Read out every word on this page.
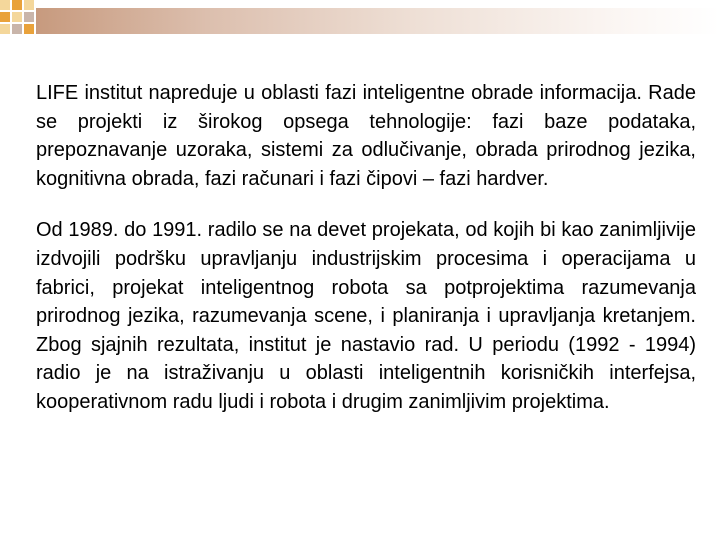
LIFE institut napreduje u oblasti fazi inteligentne obrade informacija. Rade se projekti iz širokog opsega tehnologije: fazi baze podataka, prepoznavanje uzoraka, sistemi za odlučivanje, obrada prirodnog jezika, kognitivna obrada, fazi računari i fazi čipovi – fazi hardver.

Od 1989. do 1991. radilo se na devet projekata, od kojih bi kao zanimljivije izdvojili podršku upravljanju industrijskim procesima i operacijama u fabrici, projekat inteligentnog robota sa potprojektima razumevanja prirodnog jezika, razumevanja scene, i planiranja i upravljanja kretanjem. Zbog sjajnih rezultata, institut je nastavio rad. U periodu (1992 - 1994) radio je na istraživanju u oblasti inteligentnih korisničkih interfejsa, kooperativnom radu ljudi i robota i drugim zanimljivim projektima.
